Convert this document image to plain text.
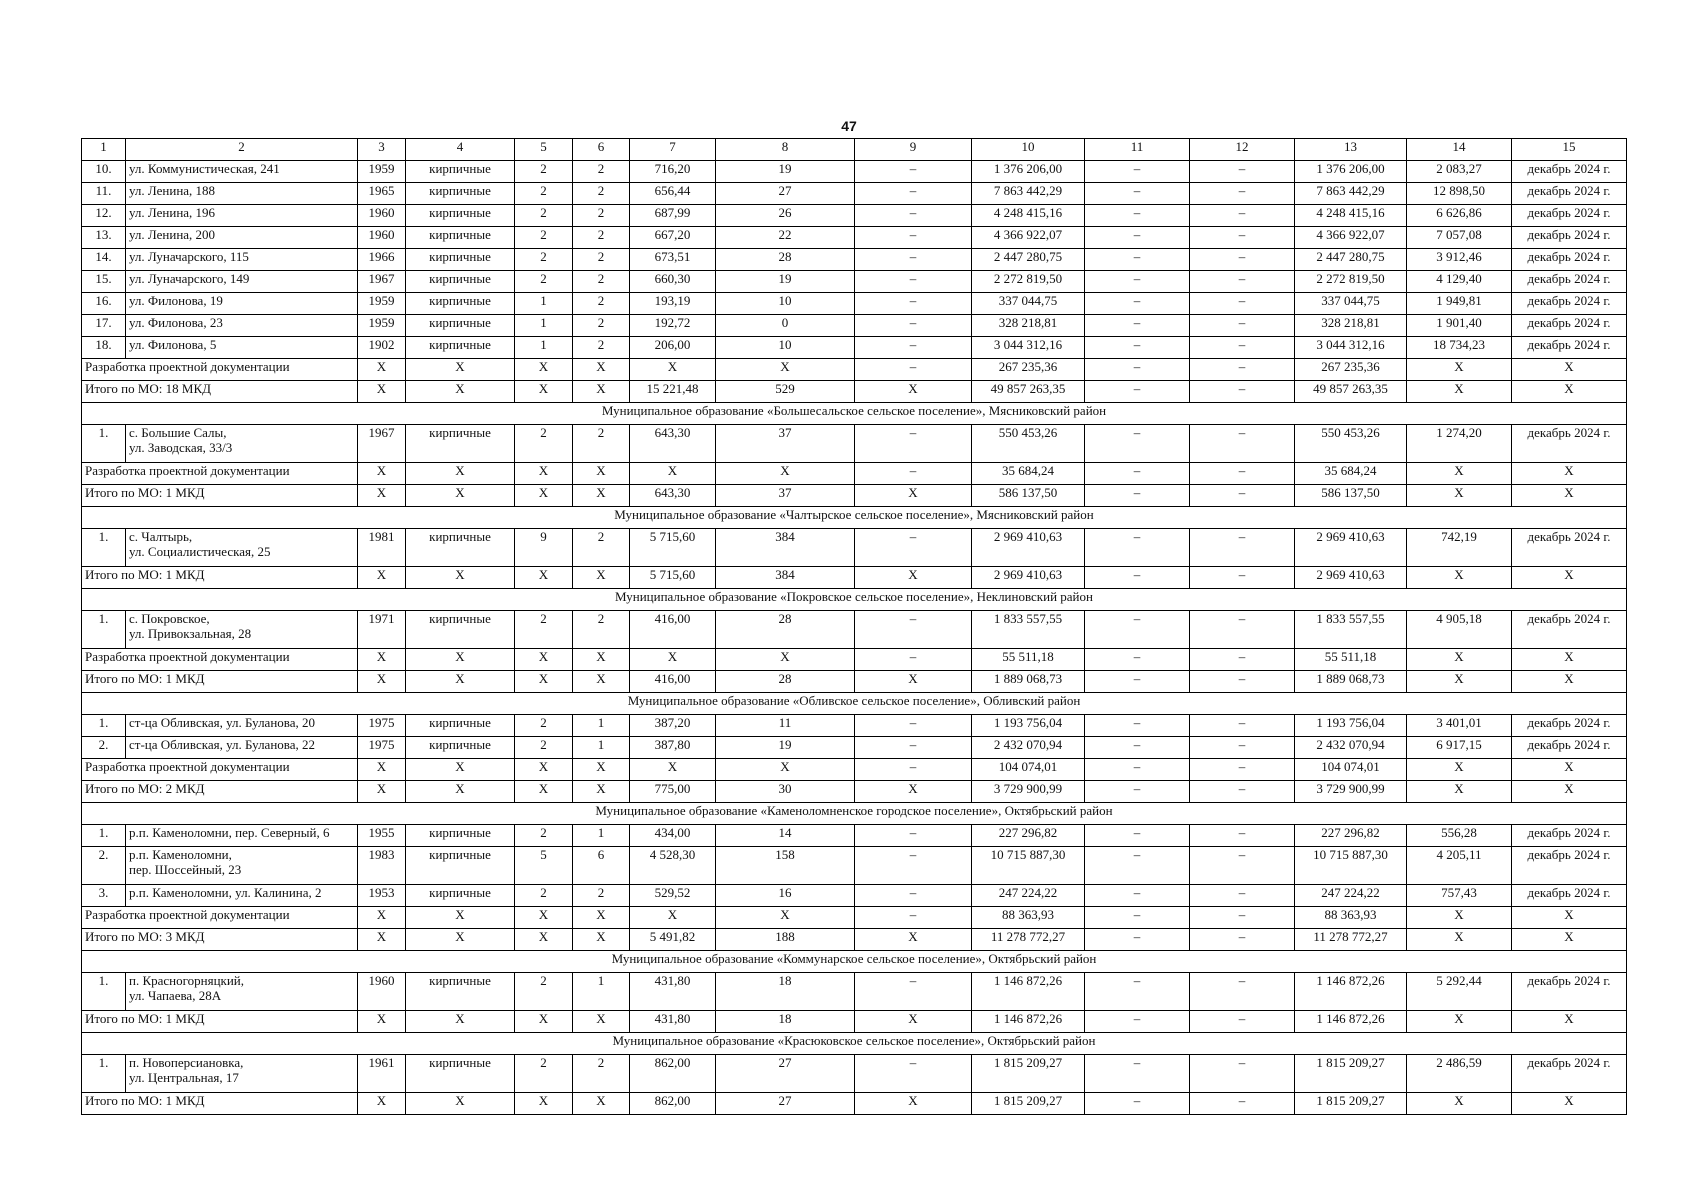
47
1	2	3	4	5	6	7	8	9	10	11	12	13	14	15
10.	ул. Коммунистическая, 241	1959	кирпичные	2	2	716,20	19	–	1 376 206,00	–	–	1 376 206,00	2 083,27	декабрь 2024 г.
11.	ул. Ленина, 188	1965	кирпичные	2	2	656,44	27	–	7 863 442,29	–	–	7 863 442,29	12 898,50	декабрь 2024 г.
12.	ул. Ленина, 196	1960	кирпичные	2	2	687,99	26	–	4 248 415,16	–	–	4 248 415,16	6 626,86	декабрь 2024 г.
13.	ул. Ленина, 200	1960	кирпичные	2	2	667,20	22	–	4 366 922,07	–	–	4 366 922,07	7 057,08	декабрь 2024 г.
14.	ул. Луначарского, 115	1966	кирпичные	2	2	673,51	28	–	2 447 280,75	–	–	2 447 280,75	3 912,46	декабрь 2024 г.
15.	ул. Луначарского, 149	1967	кирпичные	2	2	660,30	19	–	2 272 819,50	–	–	2 272 819,50	4 129,40	декабрь 2024 г.
16.	ул. Филонова, 19	1959	кирпичные	1	2	193,19	10	–	337 044,75	–	–	337 044,75	1 949,81	декабрь 2024 г.
17.	ул. Филонова, 23	1959	кирпичные	1	2	192,72	0	–	328 218,81	–	–	328 218,81	1 901,40	декабрь 2024 г.
18.	ул. Филонова, 5	1902	кирпичные	1	2	206,00	10	–	3 044 312,16	–	–	3 044 312,16	18 734,23	декабрь 2024 г.
Разработка проектной документации		X	X	X	X	X	X	–	267 235,36	–	–	267 235,36	X	X
Итого по МО: 18 МКД		X	X	X	X	15 221,48	529	X	49 857 263,35	–	–	49 857 263,35	X	X
Муниципальное образование «Большесальское сельское поселение», Мясниковский район														
1.	с. Большие Салы,
ул. Заводская, 33/3	1967	кирпичные	2	2	643,30	37	–	550 453,26	–	–	550 453,26	1 274,20	декабрь 2024 г.
Разработка проектной документации		X	X	X	X	X	X	–	35 684,24	–	–	35 684,24	X	X
Итого по МО: 1 МКД		X	X	X	X	643,30	37	X	586 137,50	–	–	586 137,50	X	X
Муниципальное образование «Чалтырское сельское поселение», Мясниковский район														
1.	с. Чалтырь,
ул. Социалистическая, 25	1981	кирпичные	9	2	5 715,60	384	–	2 969 410,63	–	–	2 969 410,63	742,19	декабрь 2024 г.
Итого по МО: 1 МКД		X	X	X	X	5 715,60	384	X	2 969 410,63	–	–	2 969 410,63	X	X
Муниципальное образование «Покровское сельское поселение», Неклиновский район														
1.	с. Покровское,
ул. Привокзальная, 28	1971	кирпичные	2	2	416,00	28	–	1 833 557,55	–	–	1 833 557,55	4 905,18	декабрь 2024 г.
Разработка проектной документации		X	X	X	X	X	X	–	55 511,18	–	–	55 511,18	X	X
Итого по МО: 1 МКД		X	X	X	X	416,00	28	X	1 889 068,73	–	–	1 889 068,73	X	X
Муниципальное образование «Обливское сельское поселение», Обливский район														
1.	ст-ца Обливская, ул. Буланова, 20	1975	кирпичные	2	1	387,20	11	–	1 193 756,04	–	–	1 193 756,04	3 401,01	декабрь 2024 г.
2.	ст-ца Обливская, ул. Буланова, 22	1975	кирпичные	2	1	387,80	19	–	2 432 070,94	–	–	2 432 070,94	6 917,15	декабрь 2024 г.
Разработка проектной документации		X	X	X	X	X	X	–	104 074,01	–	–	104 074,01	X	X
Итого по МО: 2 МКД		X	X	X	X	775,00	30	X	3 729 900,99	–	–	3 729 900,99	X	X
Муниципальное образование «Каменоломненское городское поселение», Октябрьский район														
1.	р.п. Каменоломни, пер. Северный, 6	1955	кирпичные	2	1	434,00	14	–	227 296,82	–	–	227 296,82	556,28	декабрь 2024 г.
2.	р.п. Каменоломни,
пер. Шоссейный, 23	1983	кирпичные	5	6	4 528,30	158	–	10 715 887,30	–	–	10 715 887,30	4 205,11	декабрь 2024 г.
3.	р.п. Каменоломни, ул. Калинина, 2	1953	кирпичные	2	2	529,52	16	–	247 224,22	–	–	247 224,22	757,43	декабрь 2024 г.
Разработка проектной документации		X	X	X	X	X	X	–	88 363,93	–	–	88 363,93	X	X
Итого по МО: 3 МКД		X	X	X	X	5 491,82	188	X	11 278 772,27	–	–	11 278 772,27	X	X
Муниципальное образование «Коммунарское сельское поселение», Октябрьский район														
1.	п. Красногорняцкий,
ул. Чапаева, 28А	1960	кирпичные	2	1	431,80	18	–	1 146 872,26	–	–	1 146 872,26	5 292,44	декабрь 2024 г.
Итого по МО: 1 МКД		X	X	X	X	431,80	18	X	1 146 872,26	–	–	1 146 872,26	X	X
Муниципальное образование «Красюковское сельское поселение», Октябрьский район														
1.	п. Новоперсиановка,
ул. Центральная, 17	1961	кирпичные	2	2	862,00	27	–	1 815 209,27	–	–	1 815 209,27	2 486,59	декабрь 2024 г.
Итого по МО: 1 МКД		X	X	X	X	862,00	27	X	1 815 209,27	–	–	1 815 209,27	X	X
